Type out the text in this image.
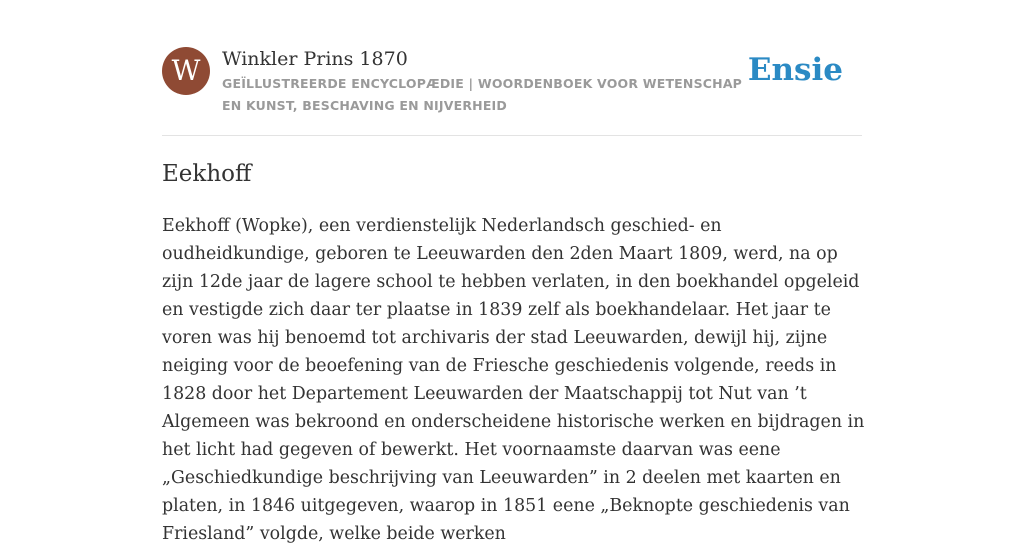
W	Winkler Prins 1870
GEÏLLUSTREERDE ENCYCLOPÆDIE | WOORDENBOEK VOOR WETENSCHAP EN KUNST, BESCHAVING EN NIJVERHEID
Ensie
Eekhoff

Eekhoff (Wopke), een verdienstelijk Nederlandsch geschied- en oudheidkundige, geboren te Leeuwarden den 2den Maart 1809, werd, na op zijn 12de jaar de lagere school te hebben verlaten, in den boekhandel opgeleid en vestigde zich daar ter plaatse in 1839 zelf als boekhandelaar. Het jaar te voren was hij benoemd tot archivaris der stad Leeuwarden, dewijl hij, zijne neiging voor de beoefening van de Friesche geschiedenis volgende, reeds in 1828 door het Departement Leeuwarden der Maatschappij tot Nut van ’t Algemeen was bekroond en onderscheidene historische werken en bijdragen in het licht had gegeven of bewerkt. Het voornaamste daarvan was eene „Geschiedkundige beschrijving van Leeuwarden” in 2 deelen met kaarten en platen, in 1846 uitgegeven, waarop in 1851 eene „Beknopte geschiedenis van Friesland” volgde, welke beide werken
